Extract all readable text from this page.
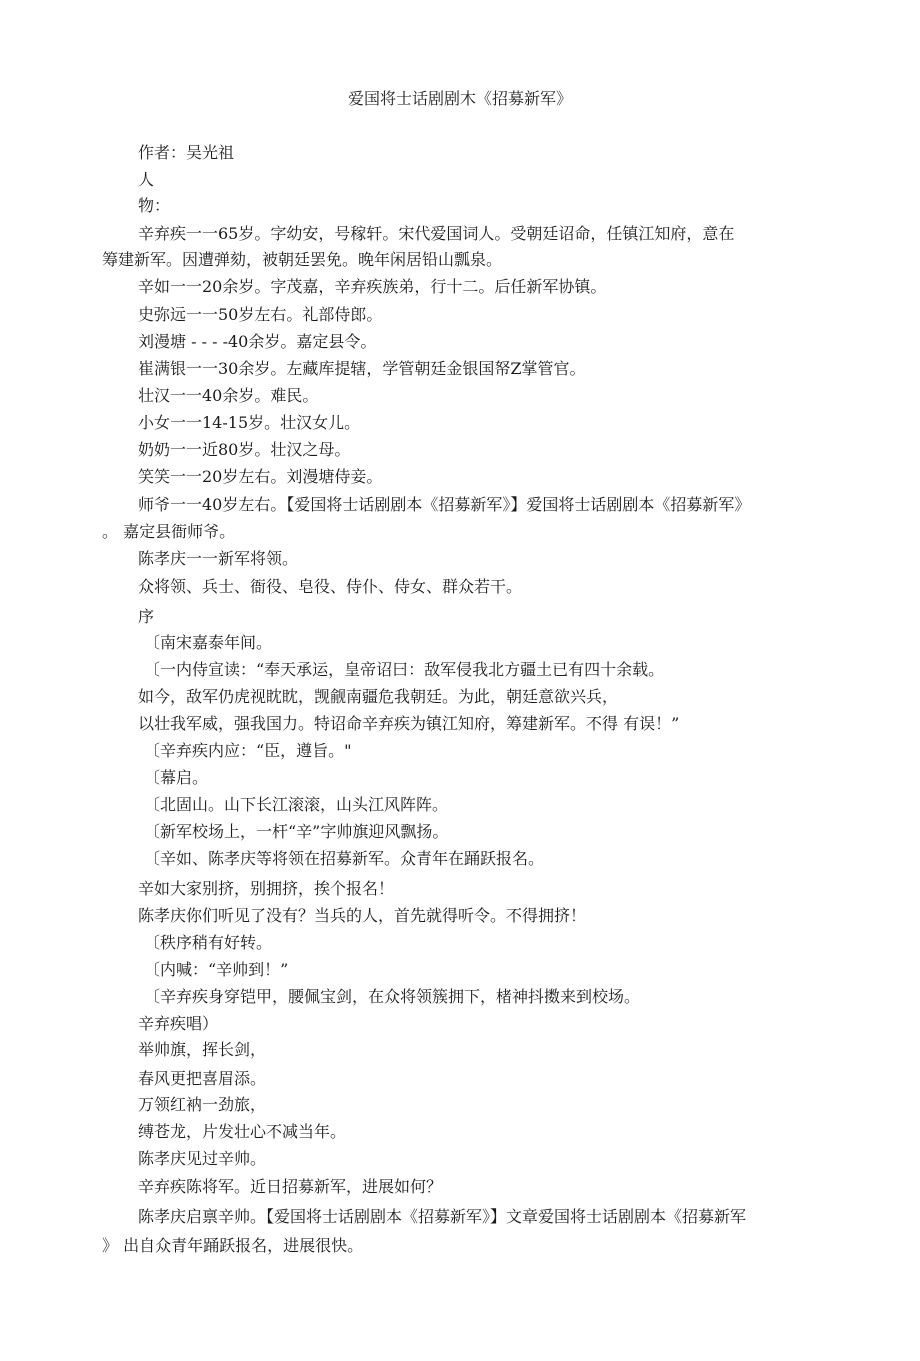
爱国将士话剧剧木《招募新军》
作者：吴光祖
人
物：
辛弃疾一一65岁。字幼安，号稼轩。宋代爱国词人。受朝廷诏命，任镇江知府，意在
筹建新军。因遭弹劾，被朝廷罢免。晚年闲居铅山瓢泉。
辛如一一20余岁。字茂嘉，辛弃疾族弟，行十二。后任新军协镇。
史弥远一一50岁左右。礼部侍郎。
刘漫塘 - - - -40余岁。嘉定县令。
崔满银一一30余岁。左藏库提辖，学管朝廷金银国帑Z掌管官。
壮汉一一40余岁。难民。
小女一一14-15岁。壮汉女儿。
奶奶一一近80岁。壮汉之母。
笑笑一一20岁左右。刘漫塘侍妾。
师爷一一40岁左右。【爱国将士话剧剧本《招募新军》】爱国将士话剧剧本《招募新军》
。 嘉定县衙师爷。
陈孝庆一一新军将领。
众将领、兵士、衙役、皂役、侍仆、侍女、群众若干。
序
〔南宋嘉泰年间。
〔一内侍宣读：“奉天承运，皇帝诏曰：敌军侵我北方疆土已有四十余载。
如今，敌军仍虎视眈眈，觊觎南疆危我朝廷。为此，朝廷意欲兴兵，
以壮我军威，强我国力。特诏命辛弃疾为镇江知府，筹建新军。不得 有误！”
〔辛弃疾内应：“臣，遵旨。"
〔幕启。
〔北固山。山下长江滚滚，山头江风阵阵。
〔新军校场上，一杆“辛”字帅旗迎风飘扬。
〔辛如、陈孝庆等将领在招募新军。众青年在踊跃报名。
辛如大家别挤，别拥挤，挨个报名！
陈孝庆你们听见了没有？当兵的人，首先就得听令。不得拥挤！
〔秩序稍有好转。
〔内喊：“辛帅到！”
〔辛弃疾身穿铠甲，腰佩宝剑，在众将领簇拥下，楮神抖擞来到校场。
辛弃疾唱）
举帅旗，挥长剑，
春风更把喜眉添。
万领红衲一劲旅，
缚苍龙，片发壮心不减当年。
陈孝庆见过辛帅。
辛弃疾陈将军。近日招募新军，进展如何？
陈孝庆启禀辛帅。【爱国将士话剧剧本《招募新军》】文章爱国将士话剧剧本《招募新军
》 出自众青年踊跃报名，进展很快。
